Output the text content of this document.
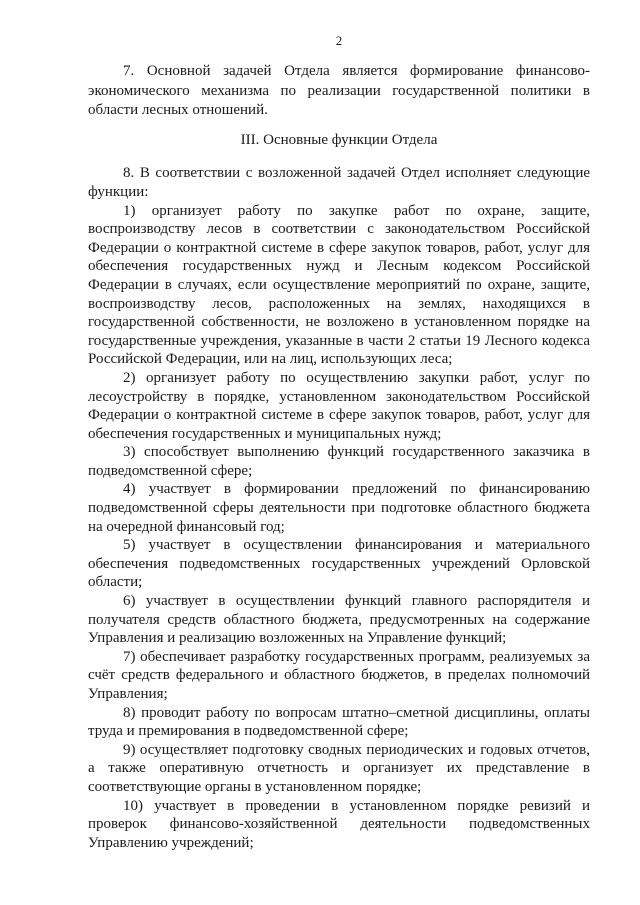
2

7. Основной задачей Отдела является формирование финансово-экономического механизма по реализации государственной политики в области лесных отношений.

III. Основные функции Отдела

8. В соответствии с возложенной задачей Отдел исполняет следующие функции:

1) организует работу по закупке работ по охране, защите, воспроизводству лесов в соответствии с законодательством Российской Федерации о контрактной системе в сфере закупок товаров, работ, услуг для обеспечения государственных нужд и Лесным кодексом Российской Федерации в случаях, если осуществление мероприятий по охране, защите, воспроизводству лесов, расположенных на землях, находящихся в государственной собственности, не возложено в установленном порядке на государственные учреждения, указанные в части 2 статьи 19 Лесного кодекса Российской Федерации, или на лиц, использующих леса;

2) организует работу по осуществлению закупки работ, услуг по лесоустройству в порядке, установленном законодательством Российской Федерации о контрактной системе в сфере закупок товаров, работ, услуг для обеспечения государственных и муниципальных нужд;

3) способствует выполнению функций государственного заказчика в подведомственной сфере;

4) участвует в формировании предложений по финансированию подведомственной сферы деятельности при подготовке областного бюджета на очередной финансовый год;

5) участвует в осуществлении финансирования и материального обеспечения подведомственных государственных учреждений Орловской области;

6) участвует в осуществлении функций главного распорядителя и получателя средств областного бюджета, предусмотренных на содержание Управления и реализацию возложенных на Управление функций;

7) обеспечивает разработку государственных программ, реализуемых за счёт средств федерального и областного бюджетов, в пределах полномочий Управления;

8) проводит работу по вопросам штатно–сметной дисциплины, оплаты труда и премирования в подведомственной сфере;

9) осуществляет подготовку сводных периодических и годовых отчетов, а также оперативную отчетность и организует их представление в соответствующие органы в установленном порядке;

10) участвует в проведении в установленном порядке ревизий и проверок финансово-хозяйственной деятельности подведомственных Управлению учреждений;
